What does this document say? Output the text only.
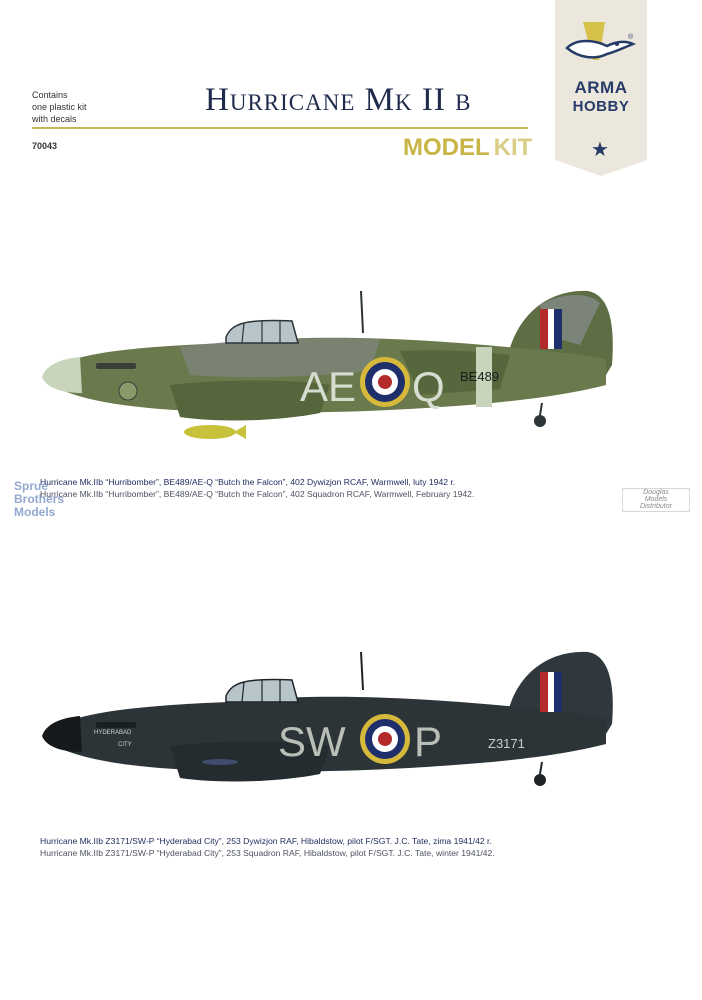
Contains
one plastic kit
with decals
70043
Hurricane Mk II b
MODEL KIT
®
ARMA
HOBBY
★
AE Q BE489
Sprue
Brothers
Models
Hurricane Mk.IIb “Hurribomber”, BE489/AE-Q “Butch the Falcon”, 402 Dywizjon RCAF, Warmwell, luty 1942 r.
Hurricane Mk.IIb “Hurribomber”, BE489/AE-Q “Butch the Falcon”, 402 Squadron RCAF, Warmwell, February 1942.	Douglas
Models
Distributor
SW P	Z3171
HYDERABAD
CITY
Hurricane Mk.IIb Z3171/SW-P “Hyderabad City”, 253 Dywizjon RAF, Hibaldstow, pilot F/SGT. J.C. Tate, zima 1941/42 r.
Hurricane Mk.IIb Z3171/SW-P “Hyderabad City”, 253 Squadron RAF, Hibaldstow, pilot F/SGT. J.C. Tate, winter 1941/42.
